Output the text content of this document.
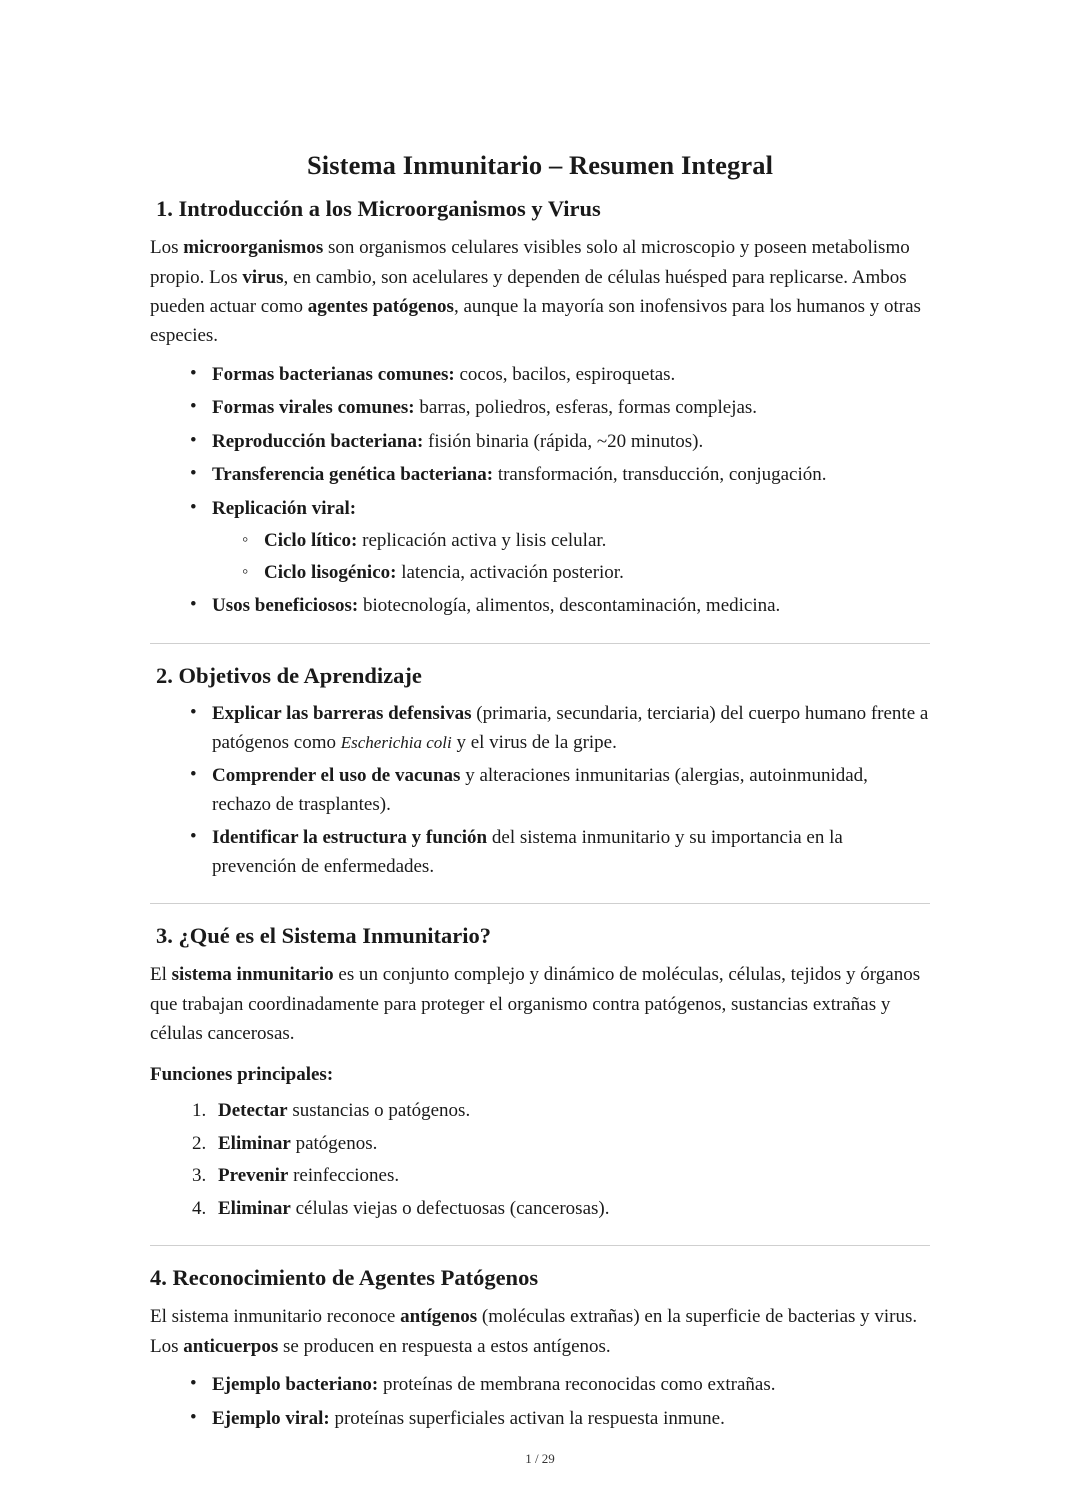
Sistema Inmunitario – Resumen Integral
1. Introducción a los Microorganismos y Virus

Los microorganismos son organismos celulares visibles solo al microscopio y poseen metabolismo propio. Los virus, en cambio, son acelulares y dependen de células huésped para replicarse. Ambos pueden actuar como agentes patógenos, aunque la mayoría son inofensivos para los humanos y otras especies.

• Formas bacterianas comunes: cocos, bacilos, espiroquetas.
• Formas virales comunes: barras, poliedros, esferas, formas complejas.
• Reproducción bacteriana: fisión binaria (rápida, ~20 minutos).
• Transferencia genética bacteriana: transformación, transducción, conjugación.
• Replicación viral:
◦ Ciclo lítico: replicación activa y lisis celular.
◦ Ciclo lisogénico: latencia, activación posterior.
• Usos beneficiosos: biotecnología, alimentos, descontaminación, medicina.
2. Objetivos de Aprendizaje
• Explicar las barreras defensivas (primaria, secundaria, terciaria) del cuerpo humano frente a patógenos como Escherichia coli y el virus de la gripe.
• Comprender el uso de vacunas y alteraciones inmunitarias (alergias, autoinmunidad, rechazo de trasplantes).
• Identificar la estructura y función del sistema inmunitario y su importancia en la prevención de enfermedades.
3. ¿Qué es el Sistema Inmunitario?

El sistema inmunitario es un conjunto complejo y dinámico de moléculas, células, tejidos y órganos que trabajan coordinadamente para proteger el organismo contra patógenos, sustancias extrañas y células cancerosas.

Funciones principales:

Detectar sustancias o patógenos.
Eliminar patógenos.
Prevenir reinfecciones.
Eliminar células viejas o defectuosas (cancerosas).
4. Reconocimiento de Agentes Patógenos

El sistema inmunitario reconoce antígenos (moléculas extrañas) en la superficie de bacterias y virus. Los anticuerpos se producen en respuesta a estos antígenos.

• Ejemplo bacteriano: proteínas de membrana reconocidas como extrañas.
• Ejemplo viral: proteínas superficiales activan la respuesta inmune.
1 / 29
